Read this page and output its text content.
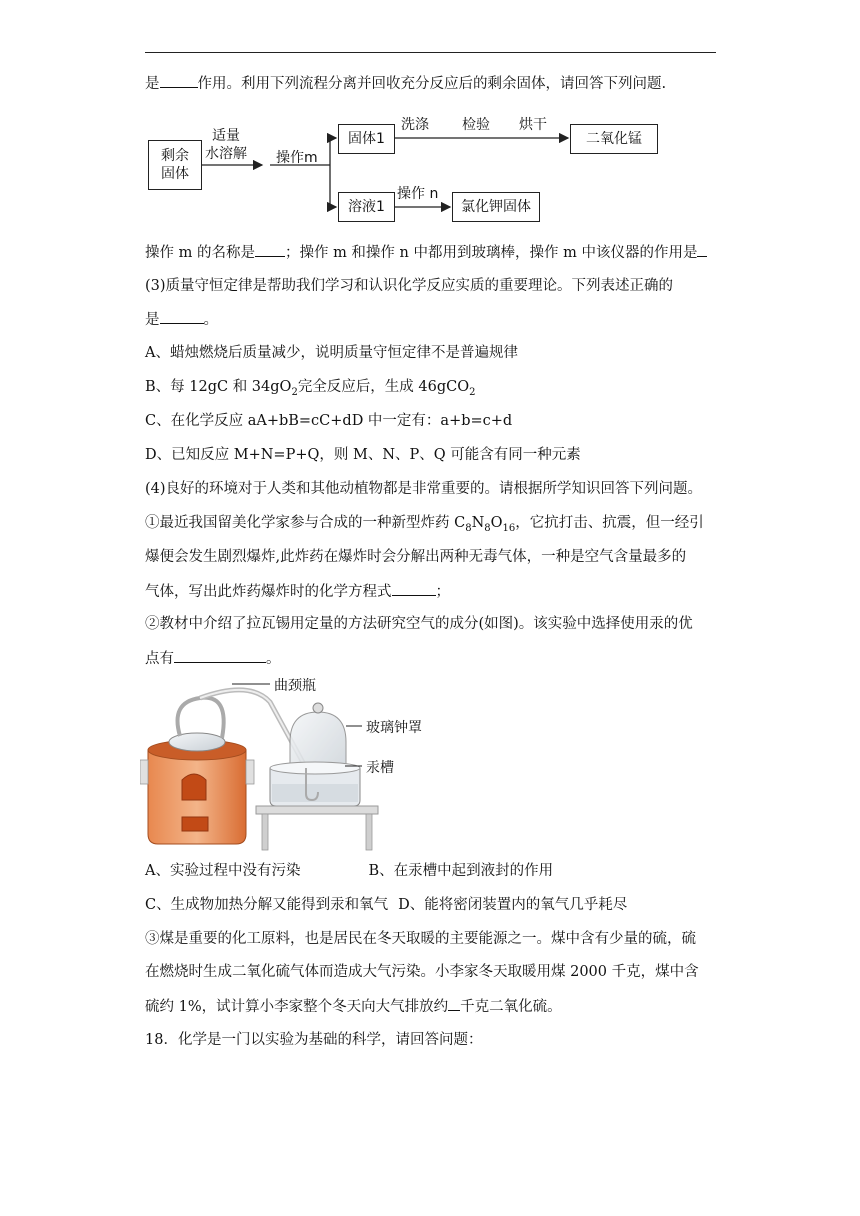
是	作用。利用下列流程分离并回收充分反应后的剩余固体，请回答下列问题.
剩余
固体
适量
水溶解 操作m
固体1
洗涤 检验 烘干
二氧化锰
溶液1
操作 n
氯化钾固体
操作 m 的名称是 ；操作 m 和操作 n 中都用到玻璃棒，操作 m 中该仪器的作用是
(3)质量守恒定律是帮助我们学习和认识化学反应实质的重要理论。下列表述正确的
是	。
A、蜡烛燃烧后质量减少，说明质量守恒定律不是普遍规律
B、每 12gC 和 $34gO_2$完全反应后，生成 46gCO$_2$
C、在化学反应 aA+bB=cC+dD 中一定有：a+b=c+d
D、已知反应 M+N=P+Q，则 M、N、P、Q 可能含有同一种元素
(4)良好的环境对于人类和其他动植物都是非常重要的。请根据所学知识回答下列问题。
①最近我国留美化学家参与合成的一种新型炸药 $C_8N_8O_{16}$，它抗打击、抗震，但一经引
爆便会发生剧烈爆炸,此炸药在爆炸时会分解出两种无毒气体，一种是空气含量最多的
气体，写出此炸药爆炸时的化学方程式	；
②教材中介绍了拉瓦锡用定量的方法研究空气的成分(如图)。该实验中选择使用汞的优
点有	。
曲颈瓶
玻璃钟罩
汞槽
A、实验过程中没有污染	B、在汞槽中起到液封的作用
C、生成物加热分解又能得到汞和氧气 D、能将密闭装置内的氧气几乎耗尽
③煤是重要的化工原料，也是居民在冬天取暖的主要能源之一。煤中含有少量的硫，硫
在燃烧时生成二氧化硫气体而造成大气污染。小李家冬天取暖用煤 2000 千克，煤中含
硫约 1%，试计算小李家整个冬天向大气排放约 千克二氧化硫。
18．化学是一门以实验为基础的科学，请回答问题：
